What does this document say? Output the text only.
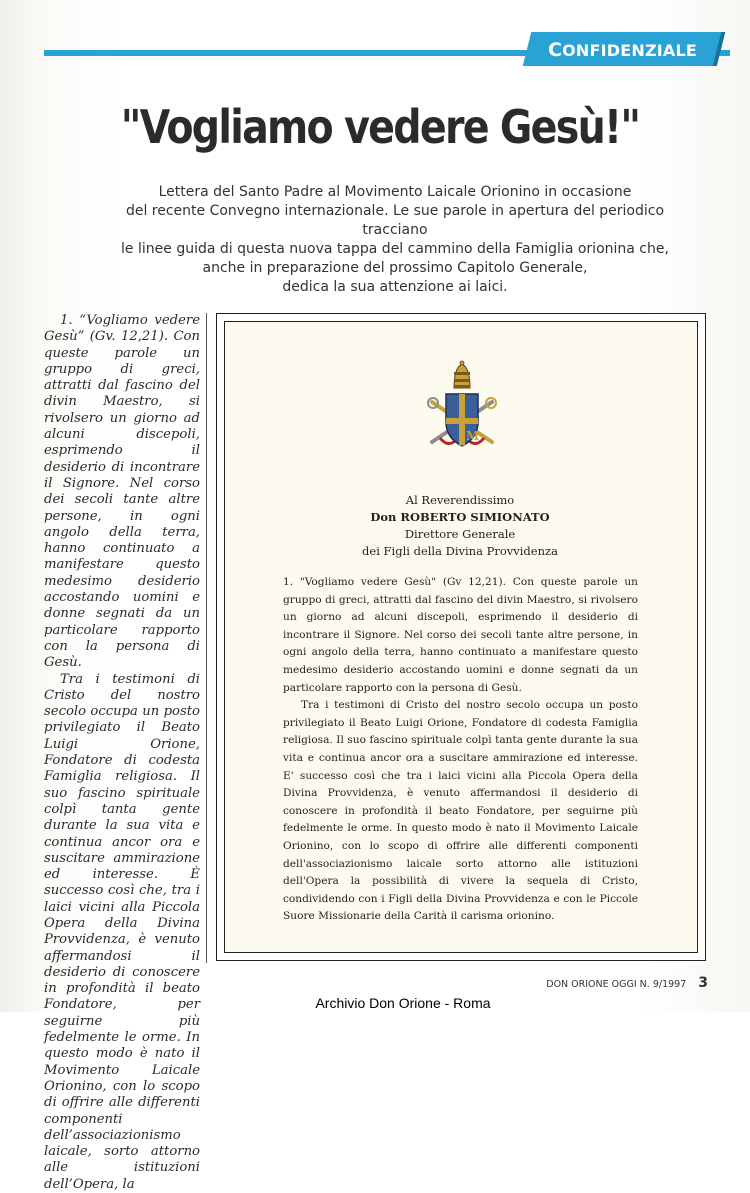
CONFIDENZIALE
"Vogliamo vedere Gesù!"
Lettera del Santo Padre al Movimento Laicale Orionino in occasione
del recente Convegno internazionale. Le sue parole in apertura del periodico tracciano
le linee guida di questa nuova tappa del cammino della Famiglia orionina che,
anche in preparazione del prossimo Capitolo Generale,
dedica la sua attenzione ai laici.

1. “Vogliamo vedere Gesù” (Gv. 12,21). Con queste parole un gruppo di greci, attratti dal fascino del divin Maestro, si rivolsero un giorno ad alcuni discepoli, esprimendo il desiderio di incontrare il Signore. Nel corso dei secoli tante altre persone, in ogni angolo della terra, hanno continuato a manifestare questo medesimo desiderio accostando uomini e donne segnati da un particolare rapporto con la persona di Gesù.

Tra i testimoni di Cristo del nostro secolo occupa un posto privilegiato il Beato Luigi Orione, Fondatore di codesta Famiglia religiosa. Il suo fascino spirituale colpì tanta gente durante la sua vita e continua ancor ora e suscitare ammirazione ed interesse. È successo così che, tra i laici vicini alla Piccola Opera della Divina Provvidenza, è venuto affermandosi il desiderio di conoscere in profondità il beato Fondatore, per seguirne più fedelmente le orme. In questo modo è nato il Movimento Laicale Orionino, con lo scopo di offrire alle differenti componenti dell’associazionismo laicale, sorto attorno alle istituzioni dell’Opera, la

M
Al Reverendissimo
Don ROBERTO SIMIONATO
Direttore Generale
dei Figli della Divina Provvidenza

1. "Vogliamo vedere Gesù" (Gv 12,21). Con queste parole un gruppo di greci, attratti dal fascino del divin Maestro, si rivolsero un giorno ad alcuni discepoli, esprimendo il desiderio di incontrare il Signore. Nel corso dei secoli tante altre persone, in ogni angolo della terra, hanno continuato a manifestare questo medesimo desiderio accostando uomini e donne segnati da un particolare rapporto con la persona di Gesù.

Tra i testimoni di Cristo del nostro secolo occupa un posto privilegiato il Beato Luigi Orione, Fondatore di codesta Famiglia religiosa. Il suo fascino spirituale colpì tanta gente durante la sua vita e continua ancor ora a suscitare ammirazione ed interesse. E' successo così che tra i laici vicini alla Piccola Opera della Divina Provvidenza, è venuto affermandosi il desiderio di conoscere in profondità il beato Fondatore, per seguirne più fedelmente le orme. In questo modo è nato il Movimento Laicale Orionino, con lo scopo di offrire alle differenti componenti dell'associazionismo laicale sorto attorno alle istituzioni dell'Opera la possibilità di vivere la sequela di Cristo, condividendo con i Figli della Divina Provvidenza e con le Piccole Suore Missionarie della Carità il carisma orionino.

DON ORIONE OGGI N. 9/1997 3
Archivio Don Orione - Roma
